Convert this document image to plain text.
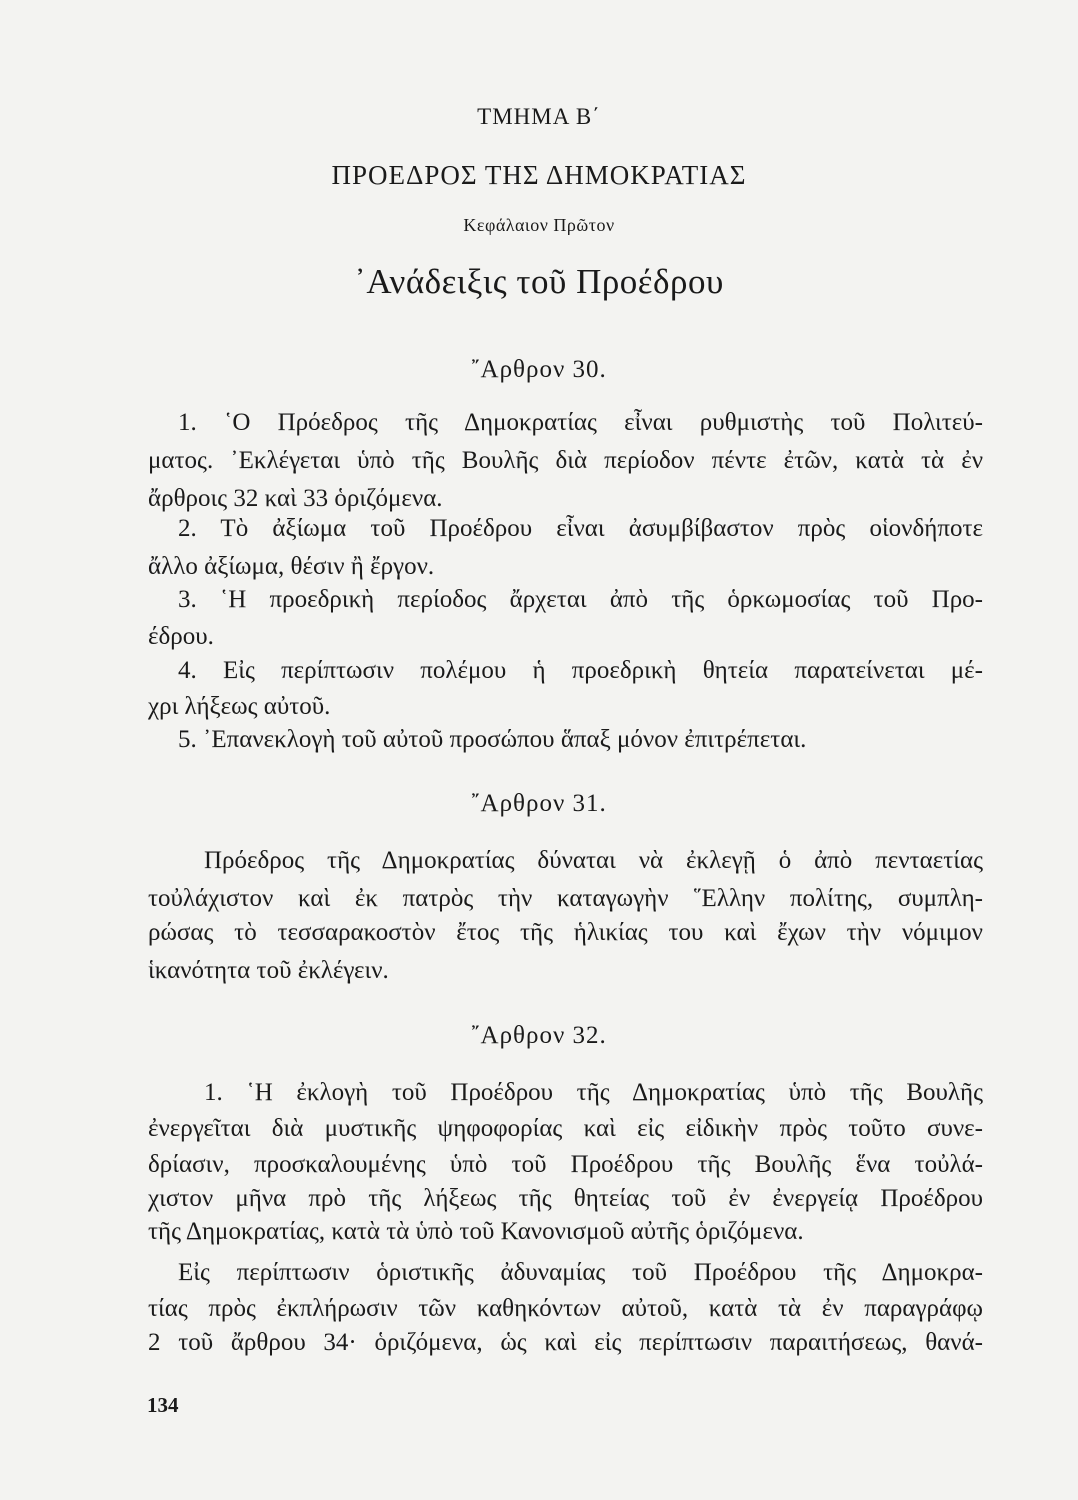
ΤΜΗΜΑ Β΄
ΠΡΟΕΔΡΟΣ ΤΗΣ ΔΗΜΟΚΡΑΤΙΑΣ
Κεφάλαιον Πρῶτον
᾿Ανάδειξις τοῦ Προέδρου
῎Αρθρον 30.
1. ῾Ο Πρόεδρος τῆς Δημοκρατίας εἶναι ρυθμιστὴς τοῦ Πολιτεύ-
ματος. ᾿Εκλέγεται ὑπὸ τῆς Βουλῆς διὰ περίοδον πέντε ἐτῶν, κατὰ τὰ ἐν
ἄρθροις 32 καὶ 33 ὁριζόμενα.
2. Τὸ ἀξίωμα τοῦ Προέδρου εἶναι ἀσυμβίβαστον πρὸς οἱονδήποτε
ἄλλο ἀξίωμα, θέσιν ἢ ἔργον.
3. ῾Η προεδρικὴ περίοδος ἄρχεται ἀπὸ τῆς ὁρκωμοσίας τοῦ Προ-
έδρου.
4. Εἰς περίπτωσιν πολέμου ἡ προεδρικὴ θητεία παρατείνεται μέ-
χρι λήξεως αὐτοῦ.
5. ᾿Επανεκλογὴ τοῦ αὐτοῦ προσώπου ἅπαξ μόνον ἐπιτρέπεται.
῎Αρθρον 31.
Πρόεδρος τῆς Δημοκρατίας δύναται νὰ ἐκλεγῇ ὁ ἀπὸ πενταετίας
τοὐλάχιστον καὶ ἐκ πατρὸς τὴν καταγωγὴν ῞Ελλην πολίτης, συμπλη-
ρώσας τὸ τεσσαρακοστὸν ἔτος τῆς ἡλικίας του καὶ ἔχων τὴν νόμιμον
ἱκανότητα τοῦ ἐκλέγειν.
῎Αρθρον 32.
1. ῾Η ἐκλογὴ τοῦ Προέδρου τῆς Δημοκρατίας ὑπὸ τῆς Βουλῆς
ἐνεργεῖται διὰ μυστικῆς ψηφοφορίας καὶ εἰς εἰδικὴν πρὸς τοῦτο συνε-
δρίασιν, προσκαλουμένης ὑπὸ τοῦ Προέδρου τῆς Βουλῆς ἕνα τοὐλά-
χιστον μῆνα πρὸ τῆς λήξεως τῆς θητείας τοῦ ἐν ἐνεργείᾳ Προέδρου
τῆς Δημοκρατίας, κατὰ τὰ ὑπὸ τοῦ Κανονισμοῦ αὐτῆς ὁριζόμενα.
Εἰς περίπτωσιν ὁριστικῆς ἀδυναμίας τοῦ Προέδρου τῆς Δημοκρα-
τίας πρὸς ἐκπλήρωσιν τῶν καθηκόντων αὐτοῦ, κατὰ τὰ ἐν παραγράφῳ
2 τοῦ ἄρθρου 34· ὁριζόμενα, ὡς καὶ εἰς περίπτωσιν παραιτήσεως, θανά-
134
